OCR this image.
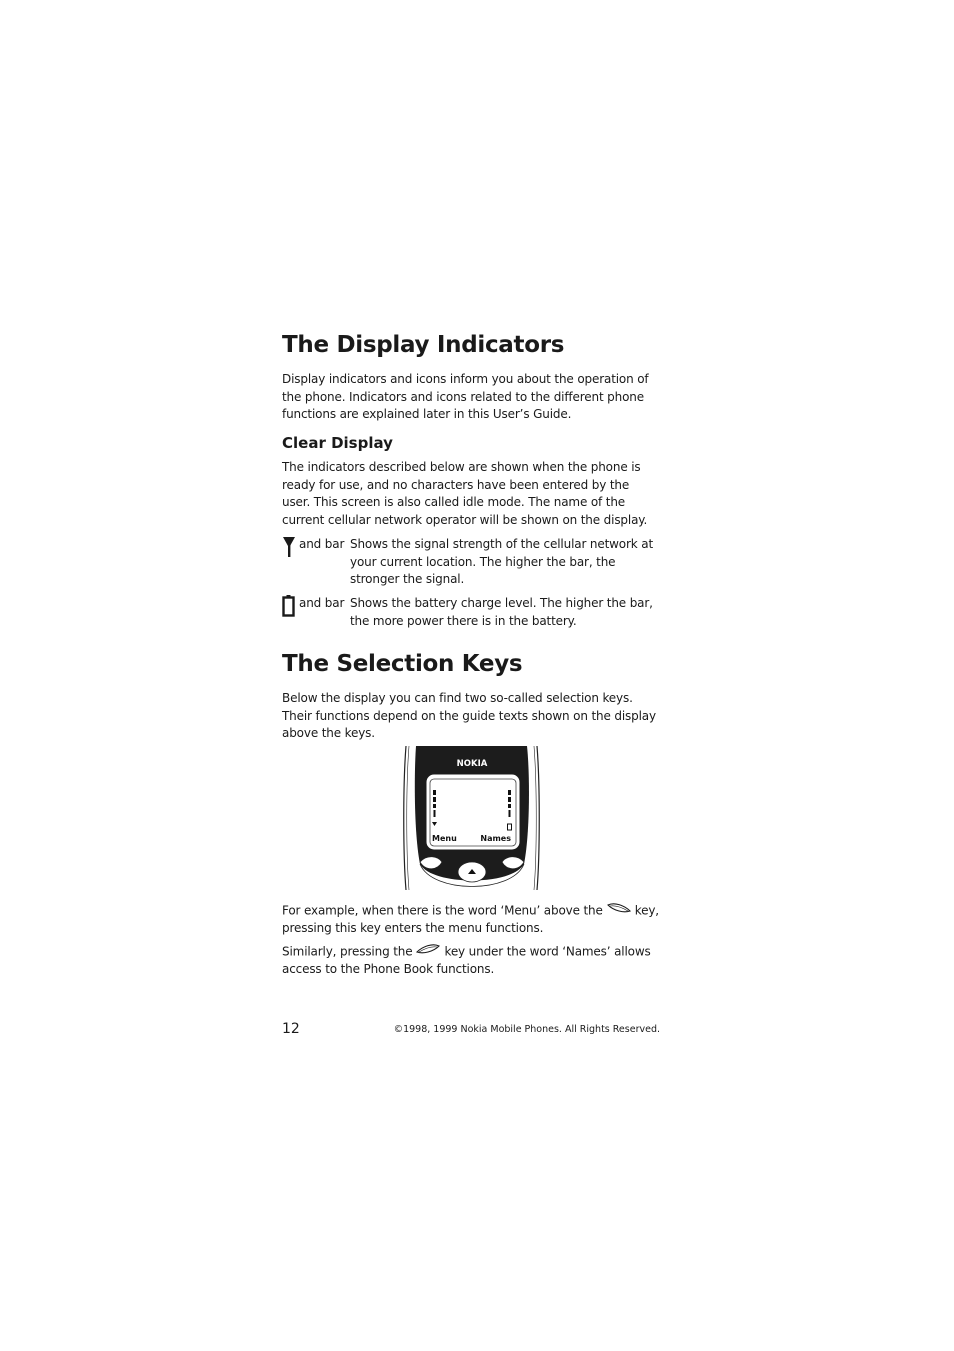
The Display Indicators

Display indicators and icons inform you about the operation of the phone. Indicators and icons related to the different phone functions are explained later in this User’s Guide.

Clear Display

The indicators described below are shown when the phone is ready for use, and no characters have been entered by the user. This screen is also called idle mode. The name of the current cellular network operator will be shown on the display.

and bar Shows the signal strength of the cellular network at your current location. The higher the bar, the stronger the signal.
and bar Shows the battery charge level. The higher the bar, the more power there is in the battery.
The Selection Keys

Below the display you can find two so-called selection keys. Their functions depend on the guide texts shown on the display above the keys.

NOKIA
Menu	Names

For example, when there is the word ‘Menu’ above the	key, pressing this key enters the menu functions.

Similarly, pressing the	key under the word ‘Names’ allows access to the Phone Book functions.

12	©1998, 1999 Nokia Mobile Phones. All Rights Reserved.
